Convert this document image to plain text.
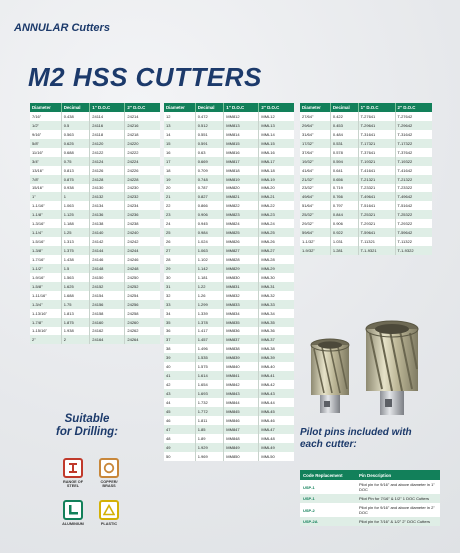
ANNULAR Cutters
M2 HSS CUTTERS
Diameter	Decimal	1" D.O.C	2" D.O.C
7/16"	0.438	24114	24214
1/2"	0.5	24116	24216
9/16"	0.563	24118	24218
5/8"	0.625	24120	24220
11/16"	0.688	24122	24222
3/4"	0.75	24124	24224
13/16"	0.813	24126	24226
7/8"	0.875	24128	24228
15/16"	0.938	24130	24230
1"	1	24132	24232
1-1/16"	1.063	24134	24234
1-1/8"	1.125	24136	24236
1-3/16"	1.188	24138	24238
1-1/4"	1.25	24140	24240
1-5/16"	1.313	24142	24242
1-3/8"	1.375	24144	24244
1-7/16"	1.438	24146	24246
1-1/2"	1.5	24148	24248
1-9/16"	1.563	24150	24250
1-5/8"	1.625	24152	24252
1-11/16"	1.688	24154	24254
1-3/4"	1.75	24156	24256
1-13/16"	1.813	24158	24258
1-7/8"	1.875	24160	24260
1-15/16"	1.938	24162	24262
2"	2	24164	24264
Diameter	Decimal	1" D.O.C	2" D.O.C
12	0.472	MM812	MML12
13	0.512	MM813	MML13
14	0.551	MM814	MML14
15	0.591	MM815	MML15
16	0.63	MM816	MML16
17	0.669	MM817	MML17
18	0.709	MM818	MML18
19	0.748	MM819	MML19
20	0.787	MM820	MML20
21	0.827	MM821	MML21
22	0.866	MM822	MML22
23	0.906	MM823	MML23
24	0.945	MM824	MML24
25	0.984	MM825	MML25
26	1.024	MM826	MML26
27	1.063	MM827	MML27
28	1.102	MM828	MML28
29	1.142	MM829	MML29
30	1.181	MM830	MML30
31	1.22	MM831	MML31
32	1.26	MM832	MML32
33	1.299	MM833	MML33
34	1.339	MM834	MML34
35	1.378	MM835	MML35
36	1.417	MM836	MML36
37	1.457	MM837	MML37
38	1.496	MM838	MML38
39	1.535	MM839	MML39
40	1.575	MM840	MML40
41	1.614	MM841	MML41
42	1.654	MM842	MML42
43	1.693	MM843	MML43
44	1.732	MM844	MML44
45	1.772	MM845	MML45
46	1.811	MM846	MML46
47	1.85	MM847	MML47
48	1.89	MM848	MML48
49	1.929	MM849	MML49
50	1.969	MM850	MML50
Diameter	Decimal	1" D.O.C	2" D.O.C
27/64"	0.422	T-27641	T-27642
29/64"	0.453	T-29641	T-29642
31/64"	0.484	T-31641	T-31642
17/32"	0.531	T-17321	T-17322
37/64"	0.578	T-37641	T-37642
19/32"	0.594	T-19321	T-19322
41/64"	0.641	T-41641	T-41642
21/32"	0.656	T-21321	T-21322
23/32"	0.719	T-23321	T-23322
49/64"	0.766	T-49641	T-49642
51/64"	0.797	T-51641	T-51642
25/32"	0.844	T-25321	T-25322
29/32"	0.906	T-29321	T-29322
59/64"	0.922	T-59641	T-59642
1-1/32"	1.031	T-11321	T-11322
1-9/32"	1.281	T-1-9321	T-1-9322
Suitable
for Drilling:
RANGE OF STEEL
COPPER/ BRASS
ALUMINIUM	PLASTIC
Pilot pins included with
each cutter:
Code Replacement	Pin Description
USP-1	Pilot pin for 9/16" and above diameter in 1" DOC
USP-1	Pilot Pin for 7/16" & 1/2" 1 DOC Cutters
USP-2	Pilot pin for 9/16" and above diameter in 2" DOC
USP-2A	Pilot pin for 7/16" & 1/2" 2" DOC Cutters
